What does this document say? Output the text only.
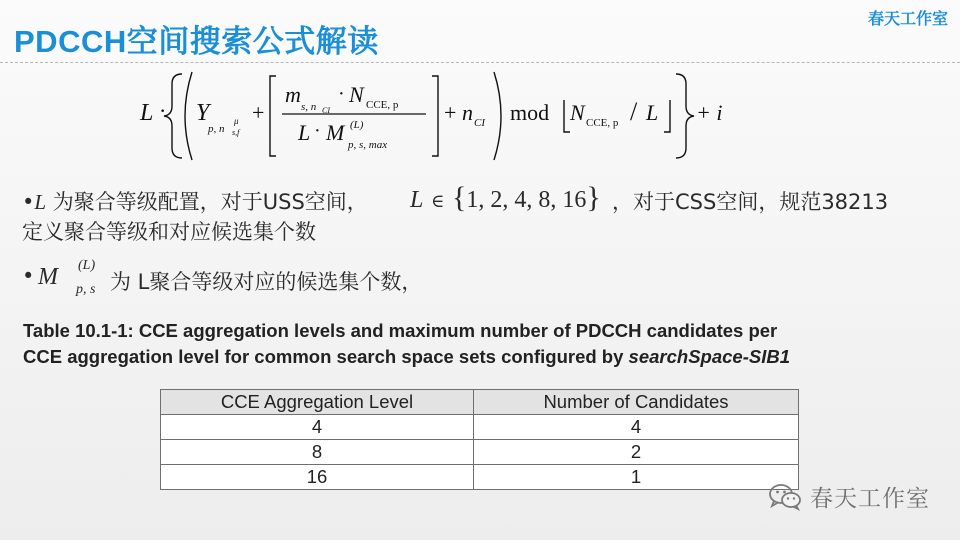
PDCCH空间搜索公式解读
春天工作室
L · Y
p, n
μ
s,f
+
m s, n CI
· N CCE, p
L · M (L)
p, s, max
+ n CI mod N CCE, p / L + i
•L 为聚合等级配置，对于USS空间， L ∈ {1, 2, 4, 8, 16} ，对于CSS空间，规范38213
定义聚合等级和对应候选集个数
• M (L)
p, s 为 L聚合等级对应的候选集个数，
Table 10.1-1: CCE aggregation levels and maximum number of PDCCH candidates per
CCE aggregation level for common search space sets configured by searchSpace-SIB1
CCE Aggregation Level	Number of Candidates
4	4
8	2
16	1
春天工作室
